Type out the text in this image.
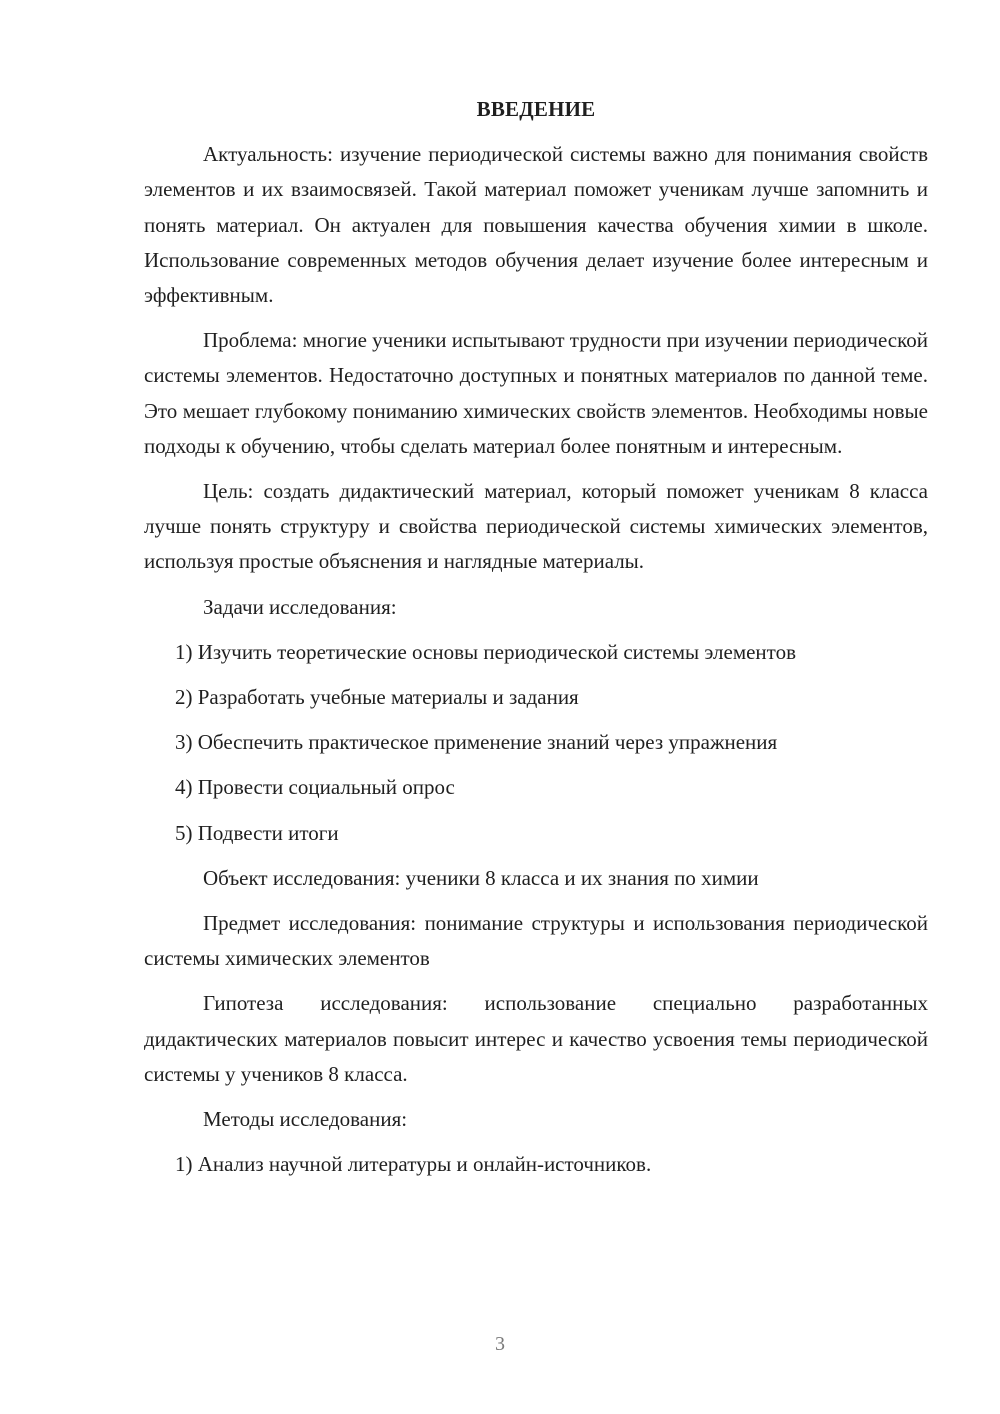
ВВЕДЕНИЕ

Актуальность: изучение периодической системы важно для понимания свойств элементов и их взаимосвязей. Такой материал поможет ученикам лучше запомнить и понять материал. Он актуален для повышения качества обучения химии в школе. Использование современных методов обучения делает изучение более интересным и эффективным.

Проблема: многие ученики испытывают трудности при изучении периодической системы элементов. Недостаточно доступных и понятных материалов по данной теме. Это мешает глубокому пониманию химических свойств элементов. Необходимы новые подходы к обучению, чтобы сделать материал более понятным и интересным.

Цель: создать дидактический материал, который поможет ученикам 8 класса лучше понять структуру и свойства периодической системы химических элементов, используя простые объяснения и наглядные материалы.

Задачи исследования:

1) Изучить теоретические основы периодической системы элементов
2) Разработать учебные материалы и задания
3) Обеспечить практическое применение знаний через упражнения
4) Провести социальный опрос
5) Подвести итоги

Объект исследования: ученики 8 класса и их знания по химии

Предмет исследования: понимание структуры и использования периодической системы химических элементов

Гипотеза исследования: использование специально разработанных дидактических материалов повысит интерес и качество усвоения темы периодической системы у учеников 8 класса.

Методы исследования:

1) Анализ научной литературы и онлайн-источников.
3
